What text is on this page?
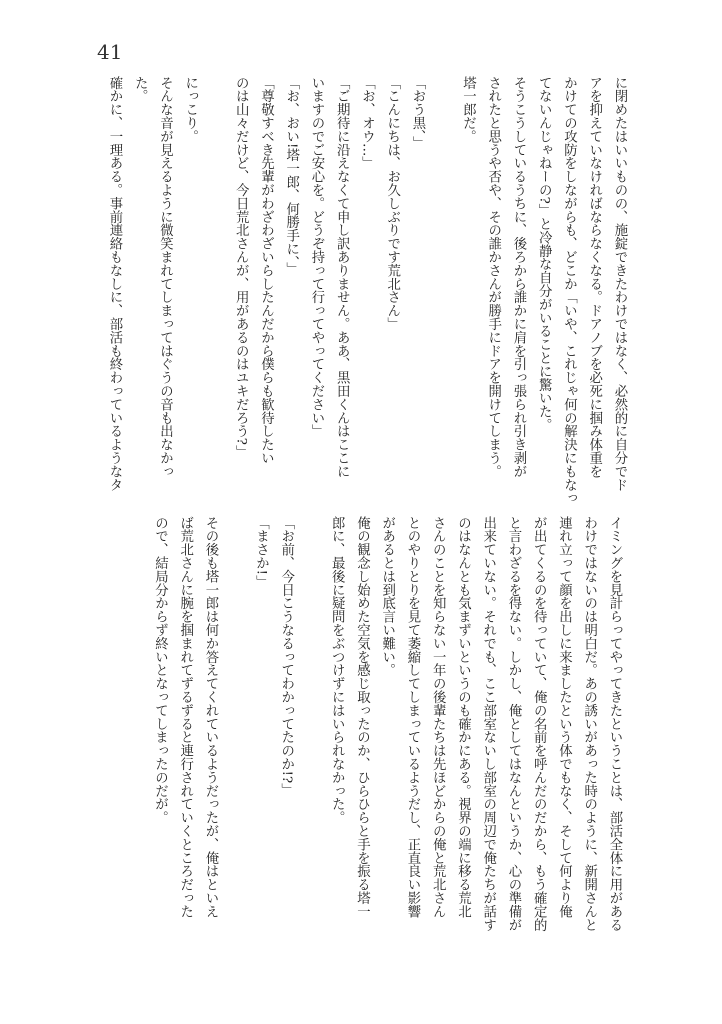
41
に閉めたはいいものの、施錠できたわけではなく、必然的に自分でド
アを抑えていなければならなくなる。ドアノブを必死に掴み体重を
かけての攻防をしながらも、どこか「いや、これじゃ何の解決にもなっ
てないんじゃねーの?」と冷静な自分がいることに驚いた。
そうこうしているうちに、後ろから誰かに肩を引っ張られ引き剥が
されたと思うや否や、その誰かさんが勝手にドアを開けてしまう。
塔一郎だ。
「おう黒、」
「こんにちは、お久しぶりです荒北さん」
「お、オウ…」
「ご期待に沿えなくて申し訳ありません。ああ、黒田くんはここに
いますのでご安心を。どうぞ持って行ってやってください」
「お、おい!塔一郎、何勝手に、」
「尊敬すべき先輩がわざわざいらしたんだから僕らも歓待したい
のは山々だけど、今日荒北さんが、用があるのはユキだろう?」
にっこり。
そんな音が見えるように微笑まれてしまってはぐうの音も出なかっ
た。
確かに、一理ある。事前連絡もなしに、部活も終わっているようなタ
イミングを見計らってやってきたということは、部活全体に用がある
わけではないのは明白だ。あの誘いがあった時のように、新開さんと
連れ立って顔を出しに来ましたという体でもなく、そして何より俺
が出てくるのを待っていて、俺の名前を呼んだのだから、もう確定的
と言わざるを得ない。しかし、俺としてはなんというか、心の準備が
出来ていない。それでも、ここ部室ないし部室の周辺で俺たちが話す
のはなんとも気まずいというのも確かにある。視界の端に移る荒北
さんのことを知らない一年の後輩たちは先ほどからの俺と荒北さん
とのやりとりを見て萎縮してしまっているようだし、正直良い影響
があるとは到底言い難い。
俺の観念し始めた空気を感じ取ったのか、ひらひらと手を振る塔一
郎に、最後に疑問をぶつけずにはいられなかった。
「お前、今日こうなるってわかってたのか!?」
「まさか!」
その後も塔一郎は何か答えてくれているようだったが、俺はといえ
ば荒北さんに腕を掴まれてずるずると連行されていくところだった
ので、結局分からず終いとなってしまったのだが。
